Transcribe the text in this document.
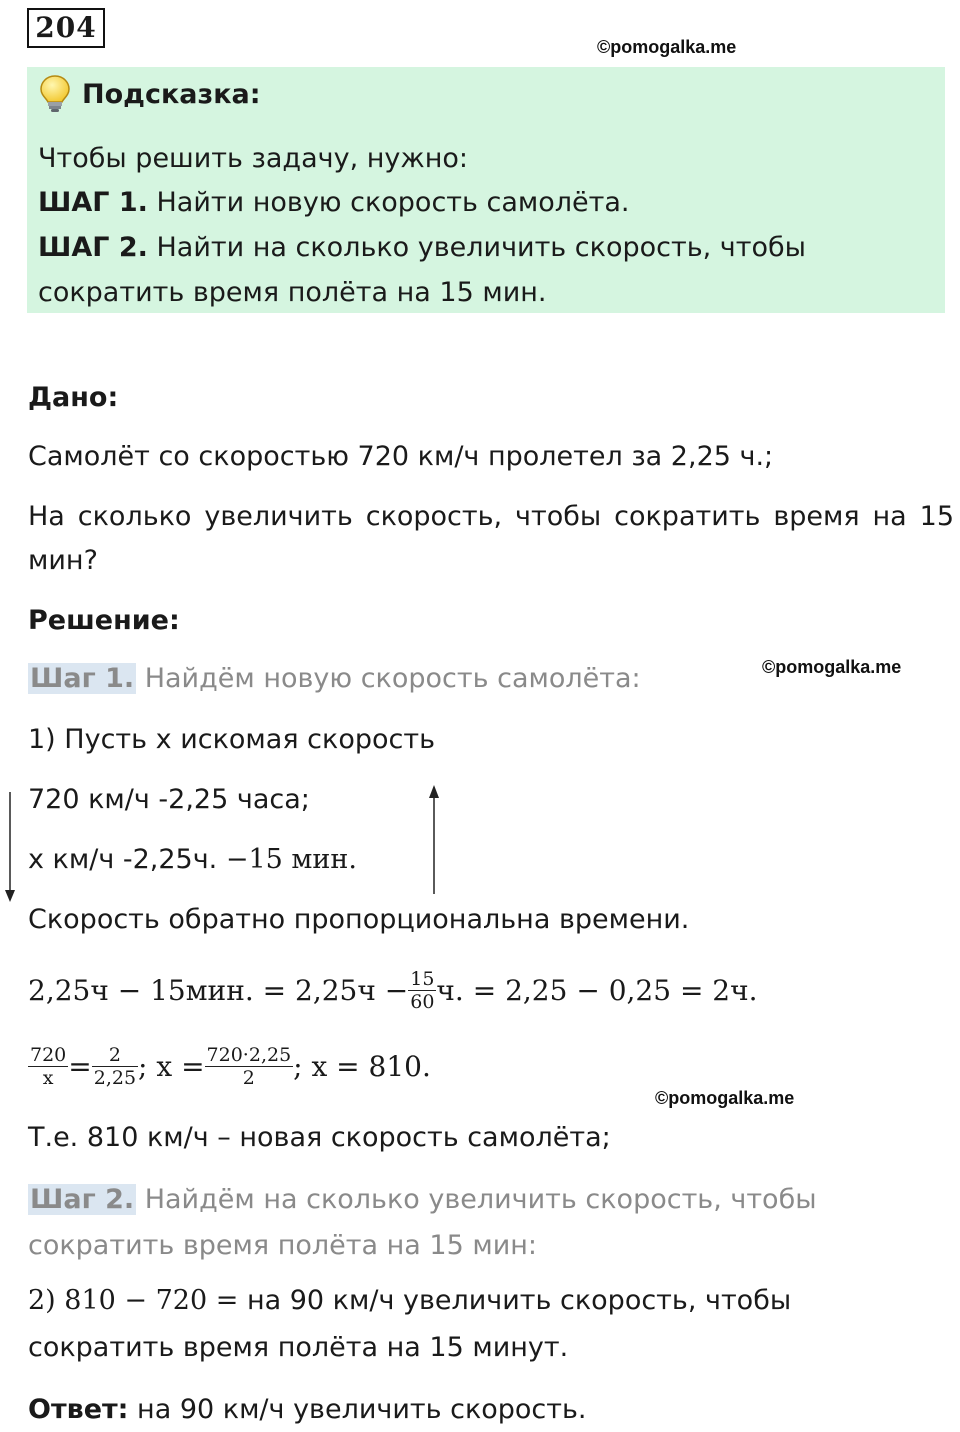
204
©pomogalka.me
©pomogalka.me
©pomogalka.me
Подсказка:
Чтобы решить задачу, нужно:
ШАГ 1. Найти новую скорость самолёта.
ШАГ 2. Найти на сколько увеличить скорость, чтобы
сократить время полёта на 15 мин.
Дано:
Самолёт со скоростью 720 км/ч пролетел за 2,25 ч.;
На сколько увеличить скорость, чтобы сократить время на 15
мин?
Решение:
Шаг 1. Найдём новую скорость самолёта:
1) Пусть x искомая скорость
720 км/ч -2,25 часа;
x км/ч -2,25ч. −15 мин.
Скорость обратно пропорциональна времени.
2,25ч − 15мин. = $2,25ч - \frac{15}{60} ч$. = 2,25 − 0,25 = 2ч.
$\frac{720}{x} = \frac{2}{2,25}$ ; $x = \frac{720\cdot 2,25}{2}$ ; x = 810.
Т.е. 810 км/ч – новая скорость самолёта;
Шаг 2. Найдём на сколько увеличить скорость, чтобы
сократить время полёта на 15 мин:
2) 810 − 720 = на 90 км/ч увеличить скорость, чтобы
сократить время полёта на 15 минут.
Ответ: на 90 км/ч увеличить скорость.
